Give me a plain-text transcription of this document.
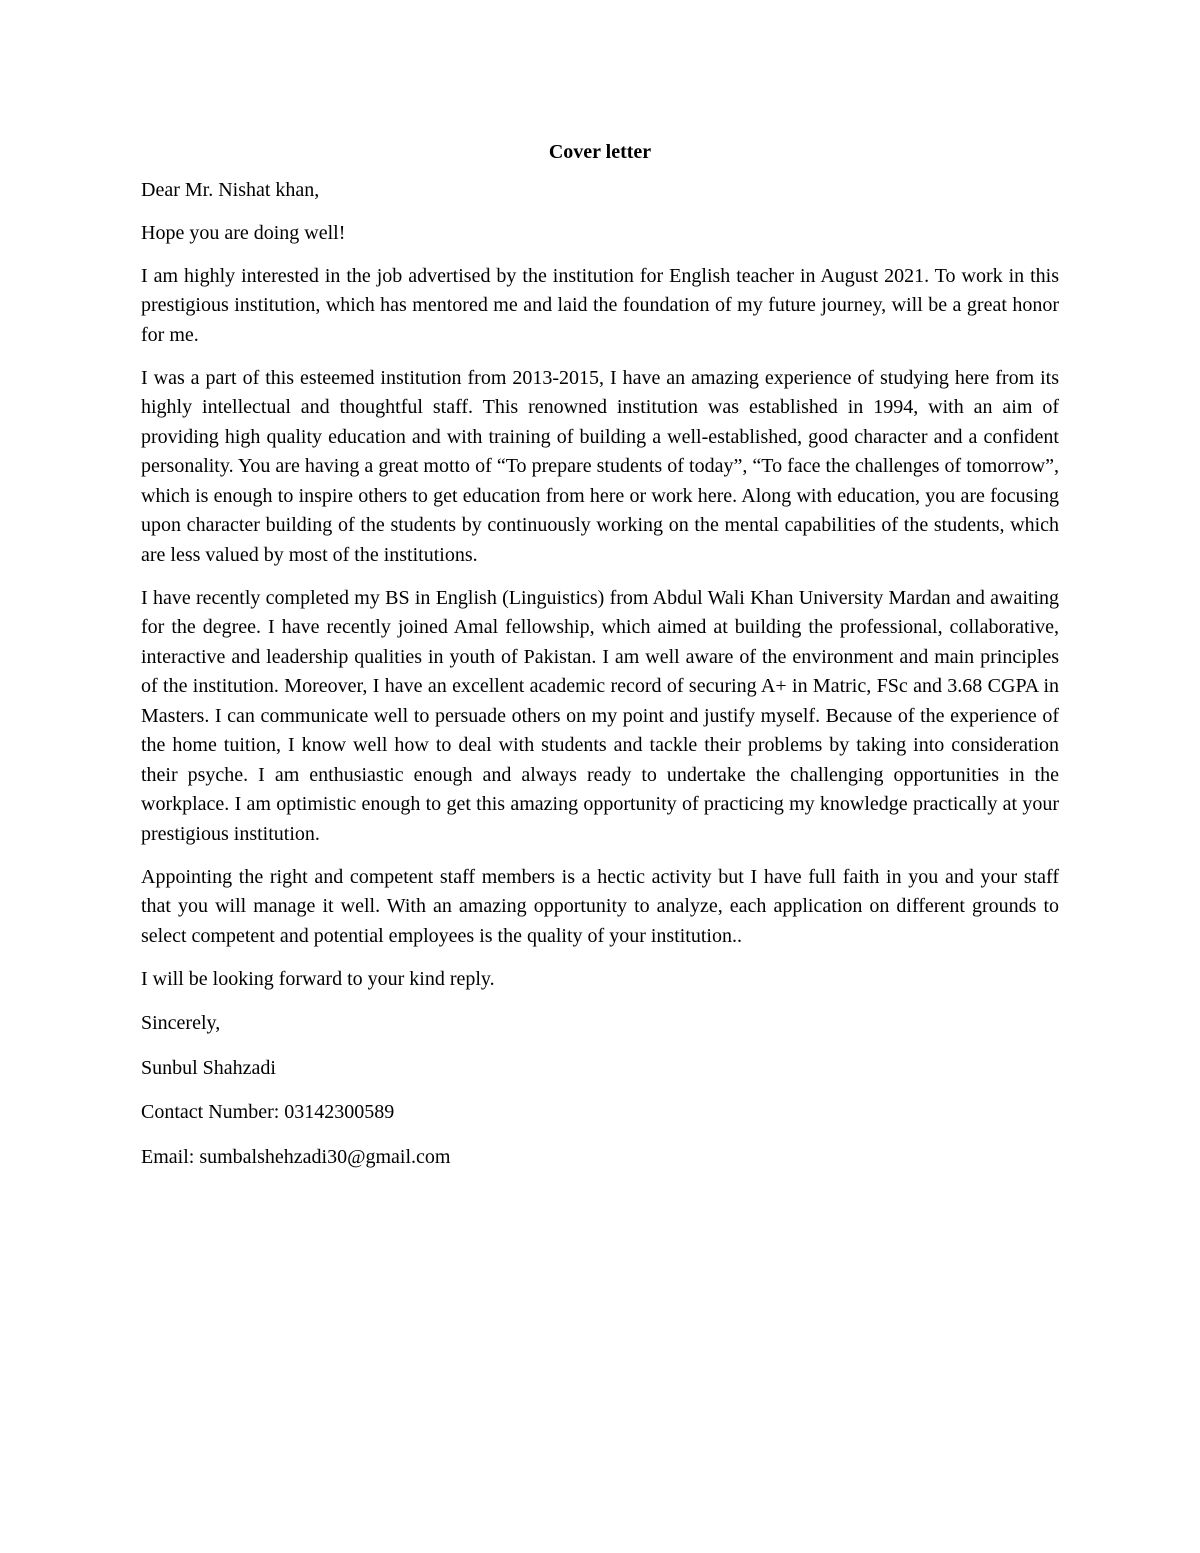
Cover letter

Dear Mr. Nishat khan,

Hope you are doing well!

I am highly interested in the job advertised by the institution for English teacher in August 2021. To work in this prestigious institution, which has mentored me and laid the foundation of my future journey, will be a great honor for me.

I was a part of this esteemed institution from 2013-2015, I have an amazing experience of studying here from its highly intellectual and thoughtful staff. This renowned institution was established in 1994, with an aim of providing high quality education and with training of building a well-established, good character and a confident personality. You are having a great motto of “To prepare students of today”, “To face the challenges of tomorrow”, which is enough to inspire others to get education from here or work here. Along with education, you are focusing upon character building of the students by continuously working on the mental capabilities of the students, which are less valued by most of the institutions.

I have recently completed my BS in English (Linguistics) from Abdul Wali Khan University Mardan and awaiting for the degree. I have recently joined Amal fellowship, which aimed at building the professional, collaborative, interactive and leadership qualities in youth of Pakistan. I am well aware of the environment and main principles of the institution. Moreover, I have an excellent academic record of securing A+ in Matric, FSc and 3.68 CGPA in Masters. I can communicate well to persuade others on my point and justify myself. Because of the experience of the home tuition, I know well how to deal with students and tackle their problems by taking into consideration their psyche. I am enthusiastic enough and always ready to undertake the challenging opportunities in the workplace. I am optimistic enough to get this amazing opportunity of practicing my knowledge practically at your prestigious institution.

Appointing the right and competent staff members is a hectic activity but I have full faith in you and your staff that you will manage it well. With an amazing opportunity to analyze, each application on different grounds to select competent and potential employees is the quality of your institution..

I will be looking forward to your kind reply.

Sincerely,

Sunbul Shahzadi

Contact Number: 03142300589

Email: sumbalshehzadi30@gmail.com
